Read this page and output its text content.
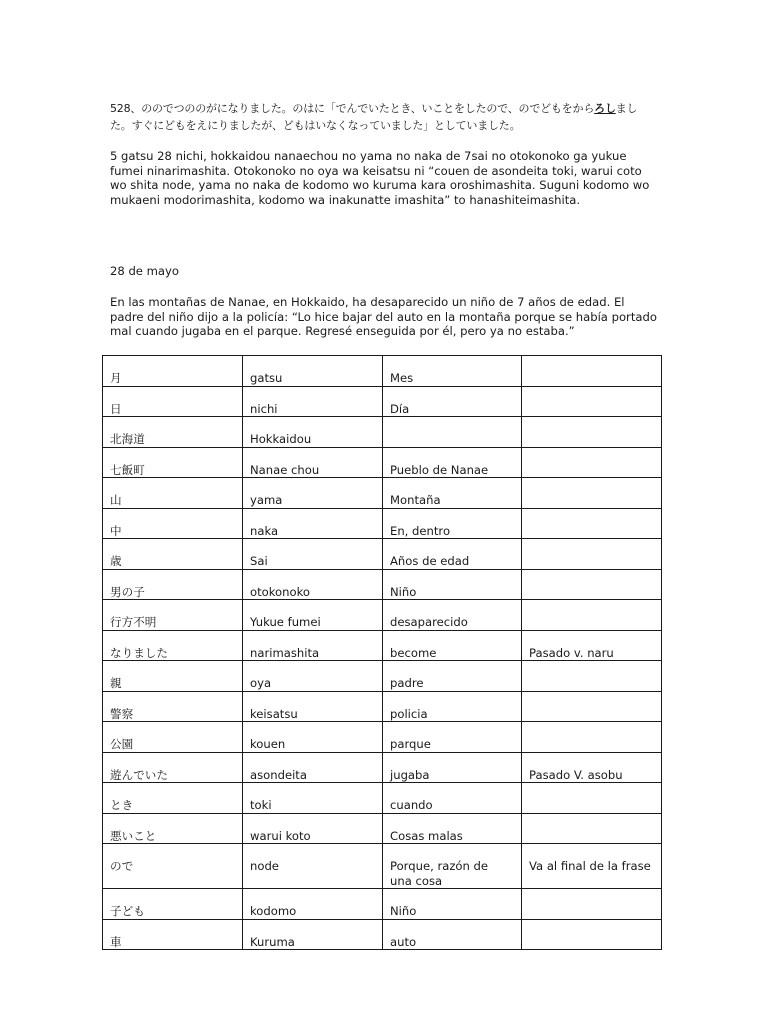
528、ののでつののがになりました。のはに「でんでいたとき、いことをしたので、のでどもをからろしました。すぐにどもをえにりましたが、どもはいなくなっていました」としていました。

5 gatsu 28 nichi, hokkaidou nanaechou no yama no naka de 7sai no otokonoko ga yukue fumei ninarimashita. Otokonoko no oya wa keisatsu ni “couen de asondeita toki, warui coto wo shita node, yama no naka de kodomo wo kuruma kara oroshimashita. Suguni kodomo wo mukaeni modorimashita, kodomo wa inakunatte imashita” to hanashiteimashita.

28 de mayo

En las montañas de Nanae, en Hokkaido, ha desaparecido un niño de 7 años de edad. El padre del niño dijo a la policía: “Lo hice bajar del auto en la montaña porque se había portado mal cuando jugaba en el parque. Regresé enseguida por él, pero ya no estaba.”

月	gatsu	Mes	
日	nichi	Día	
北海道	Hokkaidou		
七飯町	Nanae chou	Pueblo de Nanae	
山	yama	Montaña	
中	naka	En, dentro	
歳	Sai	Años de edad	
男の子	otokonoko	Niño	
行方不明	Yukue fumei	desaparecido	
なりました	narimashita	become	Pasado v. naru
親	oya	padre	
警察	keisatsu	policia	
公園	kouen	parque	
遊んでいた	asondeita	jugaba	Pasado V. asobu
とき	toki	cuando	
悪いこと	warui koto	Cosas malas	
ので	node	Porque, razón de una cosa	Va al final de la frase
子ども	kodomo	Niño	
車	Kuruma	auto	
